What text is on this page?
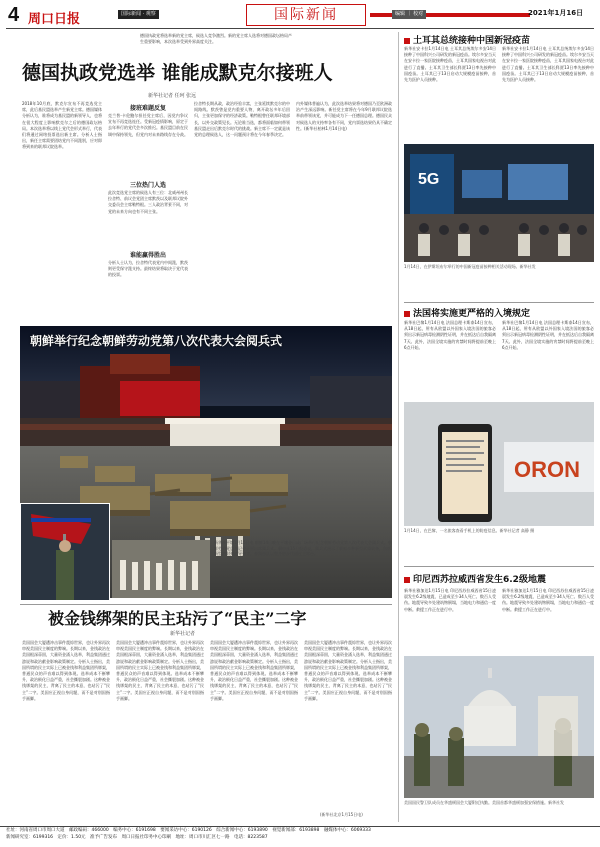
4 周口日报	国际新闻 · 观察	国际新闻	编辑 ｜ 校对	2021年1月16日
德国执政党将选举新的党主席，候选人竞争激烈。新的党主席人选将对德国政坛格局产生重要影响，本次选举受到外界高度关注。
德国执政党选举 谁能成默克尔接班人
新华社记者 任珂 张远
2018年10月底，默克尔宣布不再竞选党主席，此后基民盟选举产生新党主席。德国媒体分析认为，谁将成为基民盟的新领导人，也将在很大程度上影响默克尔之后的德国政坛格局。本次选举将以线上党代会形式举行，代表们将通过网络投票选出新主席。分析人士指出，新任主席需要团结党内不同派别，应对即将到来的联邦议院选举。
接班难题反复
克兰普-卡伦鲍尔担任党主席后，因党内争议宣布不再竞选连任。受新冠疫情影响，原定于去年举行的党代会多次推迟。基民盟目前在民调中保持领先，但党内对未来路线存在分歧。
三位热门人选
此次竞选党主席的候选人有三位：北威州州长拉舍特、前议会党团主席默茨以及联邦议院外交委员会主席勒特根。三人政治背景不同，对党的未来方向也有不同主张。
谁能赢得胜出
分析人士认为，拉舍特代表党内中间派，默茨则更受保守派支持。最终结果将取决于党代表的投票。
拉舍特长期从政，政治经验丰富，主张延续默克尔的中间路线。默茨曾是党内重要人物，离开政坛多年后回归，主张更加保守的经济政策。勒特根曾任联邦环境部长，以外交政策见长。无论谁当选，都将面临如何带领基民盟走出后默克尔时代的挑战。新主席不一定就是该党的总理候选人，这一问题预计将在今年春季决定。
内外媒体普遍认为，此次选举结果将对德国乃至欧洲政治产生深远影响。新任党主席将在今年9月联邦议院选举前带领该党，并可能成为下一任德国总理。德国民众对候选人的支持率各有不同，党内票选结果仍具不确定性。(新华社柏林1月14日电)
朝鲜举行纪念朝鲜劳动党第八次代表大会阅兵式
新华社平壤1月15日电 朝鲜14日晚在平壤金日成广场举行纪念朝鲜劳动党第八次代表大会阅兵式。朝鲜劳动党总书记金正恩出席阅兵式。朝中社15日报道说，阅兵式展示了朝鲜多种新型武器装备，包括新型潜射弹道导弹等。参阅部队以整齐的步伐通过主席台。
被金钱绑架的民主玷污了“民主”二字
新华社记者
美国国会大厦遭冲击事件震惊世界，也让外界再次审视美国民主制度的弊端。长期以来，金钱政治在美国根深蒂固，大量资金涌入选举，利益集团通过游说和政治献金影响政策制定。分析人士指出，美国所谓的民主实际上已被金钱和利益集团所绑架，普通民众的声音难以得到体现。选举成本不断攀升，政治极化日益严重，社会撕裂加剧。这种被金钱绑架的民主，背离了民主的本意，也玷污了“民主”二字。美国应正视自身问题，而不是对别国指手画脚。
美国国会大厦遭冲击事件震惊世界，也让外界再次审视美国民主制度的弊端。长期以来，金钱政治在美国根深蒂固，大量资金涌入选举，利益集团通过游说和政治献金影响政策制定。分析人士指出，美国所谓的民主实际上已被金钱和利益集团所绑架，普通民众的声音难以得到体现。选举成本不断攀升，政治极化日益严重，社会撕裂加剧。这种被金钱绑架的民主，背离了民主的本意，也玷污了“民主”二字。美国应正视自身问题，而不是对别国指手画脚。
美国国会大厦遭冲击事件震惊世界，也让外界再次审视美国民主制度的弊端。长期以来，金钱政治在美国根深蒂固，大量资金涌入选举，利益集团通过游说和政治献金影响政策制定。分析人士指出，美国所谓的民主实际上已被金钱和利益集团所绑架，普通民众的声音难以得到体现。选举成本不断攀升，政治极化日益严重，社会撕裂加剧。这种被金钱绑架的民主，背离了民主的本意，也玷污了“民主”二字。美国应正视自身问题，而不是对别国指手画脚。
美国国会大厦遭冲击事件震惊世界，也让外界再次审视美国民主制度的弊端。长期以来，金钱政治在美国根深蒂固，大量资金涌入选举，利益集团通过游说和政治献金影响政策制定。分析人士指出，美国所谓的民主实际上已被金钱和利益集团所绑架，普通民众的声音难以得到体现。选举成本不断攀升，政治极化日益严重，社会撕裂加剧。这种被金钱绑架的民主，背离了民主的本意，也玷污了“民主”二字。美国应正视自身问题，而不是对别国指手画脚。
(新华社北京1月15日电)
土耳其总统接种中国新冠疫苗
新华社安卡拉1月14日电 土耳其总统埃尔多安14日接种了中国科兴公司研发的新冠疫苗。埃尔多安当天在安卡拉一家医院接种疫苗，土耳其国家电视台对此进行了直播。土耳其卫生部长科贾13日率先接种中国疫苗。土耳其已于13日启动大规模疫苗接种，首先为医护人员接种。
新华社安卡拉1月14日电 土耳其总统埃尔多安14日接种了中国科兴公司研发的新冠疫苗。埃尔多安当天在安卡拉一家医院接种疫苗，土耳其国家电视台对此进行了直播。土耳其卫生部长科贾13日率先接种中国疫苗。土耳其已于13日启动大规模疫苗接种，首先为医护人员接种。
5G
1月14日，在伊斯坦布尔举行的中国新冠疫苗接种相关活动现场。新华社发
法国将实施更严格的入境规定
新华社巴黎1月14日电 法国总理卡斯泰14日宣布，从18日起，所有从欧盟以外国家入境法国的旅客必须出示新冠病毒检测阴性证明，并在抵达后自我隔离7天。此外，法国全境实施的宵禁时间将提前至晚上6点开始。
新华社巴黎1月14日电 法国总理卡斯泰14日宣布，从18日起，所有从欧盟以外国家入境法国的旅客必须出示新冠病毒检测阴性证明，并在抵达后自我隔离7天。此外，法国全境实施的宵禁时间将提前至晚上6点开始。
ORON
1月14日，在巴黎，一名旅客查看手机上的防疫信息。新华社记者 高静 摄
印尼西苏拉威西省发生6.2级地震
新华社雅加达1月15日电 印尼西苏拉威西省15日凌晨发生6.2级地震，已造成至少34人死亡、数百人受伤。地震导致多处建筑物倒塌，当地电力和通信一度中断。救援工作正在进行中。
新华社雅加达1月15日电 印尼西苏拉威西省15日凌晨发生6.2级地震，已造成至少34人死亡、数百人受伤。地震导致多处建筑物倒塌，当地电力和通信一度中断。救援工作正在进行中。
美国国民警卫队成员在华盛顿国会大厦附近执勤。美国首都华盛顿加强安保措施。新华社发
社址：河南省周口市周口大道　邮政编码：466000　编务中心：6191698　要闻采访中心：6190126　综合新闻中心：6193890　视觉新闻部：6193898　融媒体中心：6069333
新闻研究室：6199316　定价：1.50元　准予广告发布　周口日报社印务中心印刷　地址：周口市川汇区七一路　电话：8223587
